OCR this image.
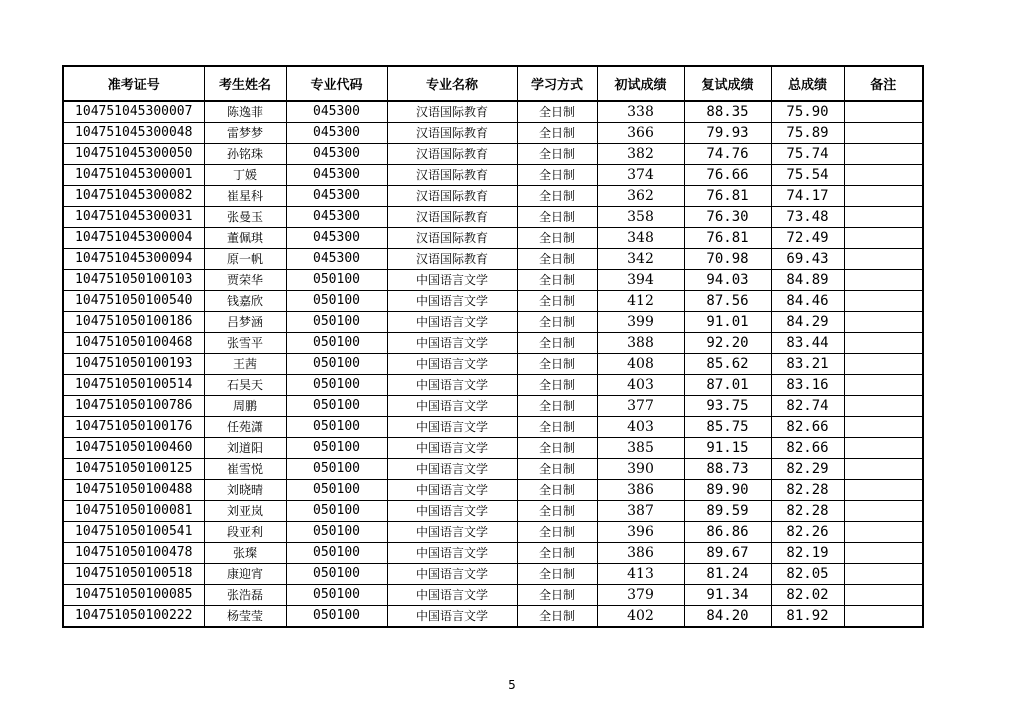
准考证号	考生姓名	专业代码	专业名称	学习方式	初试成绩	复试成绩	总成绩	备注
104751045300007	陈逸菲	045300	汉语国际教育	全日制	338	88.35	75.90	
104751045300048	雷梦梦	045300	汉语国际教育	全日制	366	79.93	75.89	
104751045300050	孙铭珠	045300	汉语国际教育	全日制	382	74.76	75.74	
104751045300001	丁媛	045300	汉语国际教育	全日制	374	76.66	75.54	
104751045300082	崔星科	045300	汉语国际教育	全日制	362	76.81	74.17	
104751045300031	张曼玉	045300	汉语国际教育	全日制	358	76.30	73.48	
104751045300004	董佩琪	045300	汉语国际教育	全日制	348	76.81	72.49	
104751045300094	原一帆	045300	汉语国际教育	全日制	342	70.98	69.43	
104751050100103	贾荣华	050100	中国语言文学	全日制	394	94.03	84.89	
104751050100540	钱嘉欣	050100	中国语言文学	全日制	412	87.56	84.46	
104751050100186	吕梦涵	050100	中国语言文学	全日制	399	91.01	84.29	
104751050100468	张雪平	050100	中国语言文学	全日制	388	92.20	83.44	
104751050100193	王茜	050100	中国语言文学	全日制	408	85.62	83.21	
104751050100514	石昊天	050100	中国语言文学	全日制	403	87.01	83.16	
104751050100786	周鹏	050100	中国语言文学	全日制	377	93.75	82.74	
104751050100176	任苑潇	050100	中国语言文学	全日制	403	85.75	82.66	
104751050100460	刘道阳	050100	中国语言文学	全日制	385	91.15	82.66	
104751050100125	崔雪悦	050100	中国语言文学	全日制	390	88.73	82.29	
104751050100488	刘晓晴	050100	中国语言文学	全日制	386	89.90	82.28	
104751050100081	刘亚岚	050100	中国语言文学	全日制	387	89.59	82.28	
104751050100541	段亚利	050100	中国语言文学	全日制	396	86.86	82.26	
104751050100478	张璨	050100	中国语言文学	全日制	386	89.67	82.19	
104751050100518	康迎宵	050100	中国语言文学	全日制	413	81.24	82.05	
104751050100085	张浩磊	050100	中国语言文学	全日制	379	91.34	82.02	
104751050100222	杨莹莹	050100	中国语言文学	全日制	402	84.20	81.92	
5
